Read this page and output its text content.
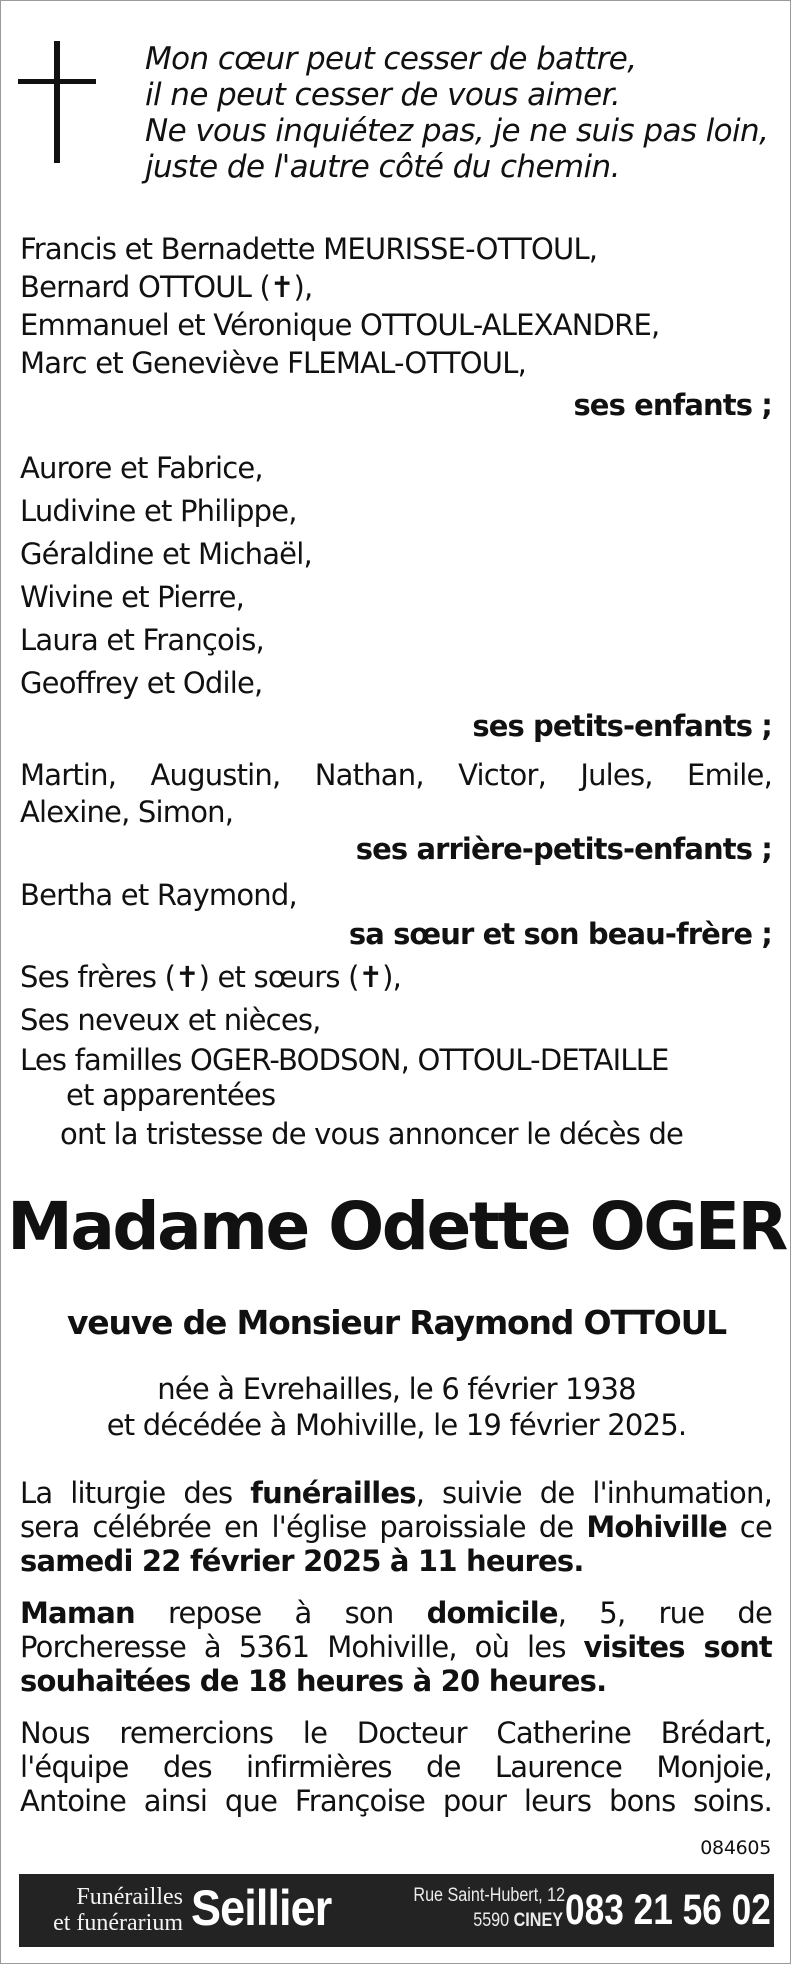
Mon cœur peut cesser de battre,
il ne peut cesser de vous aimer.
Ne vous inquiétez pas, je ne suis pas loin,
juste de l'autre côté du chemin.
Francis et Bernadette MEURISSE-OTTOUL,
Bernard OTTOUL (✝),
Emmanuel et Véronique OTTOUL-ALEXANDRE,
Marc et Geneviève FLEMAL-OTTOUL,
ses enfants ;
Aurore et Fabrice,
Ludivine et Philippe,
Géraldine et Michaël,
Wivine et Pierre,
Laura et François,
Geoffrey et Odile,
ses petits-enfants ;
Martin, Augustin, Nathan, Victor, Jules, Emile,
Alexine, Simon,
ses arrière-petits-enfants ;
Bertha et Raymond,
sa sœur et son beau-frère ;
Ses frères (✝) et sœurs (✝),
Ses neveux et nièces,
Les familles OGER-BODSON, OTTOUL-DETAILLE
et apparentées
ont la tristesse de vous annoncer le décès de
Madame Odette OGER
veuve de Monsieur Raymond OTTOUL
née à Evrehailles, le 6 février 1938
et décédée à Mohiville, le 19 février 2025.
La liturgie des funérailles, suivie de l'inhumation,
sera célébrée en l'église paroissiale de Mohiville ce
samedi 22 février 2025 à 11 heures.
Maman repose à son domicile, 5, rue de
Porcheresse à 5361 Mohiville, où les visites sont
souhaitées de 18 heures à 20 heures.
Nous remercions le Docteur Catherine Brédart,
l'équipe des infirmières de Laurence Monjoie,
Antoine ainsi que Françoise pour leurs bons soins.
084605
Funérailles
et funérarium Seillier	Rue Saint-Hubert, 12
5590 CINEY 083 21 56 02
